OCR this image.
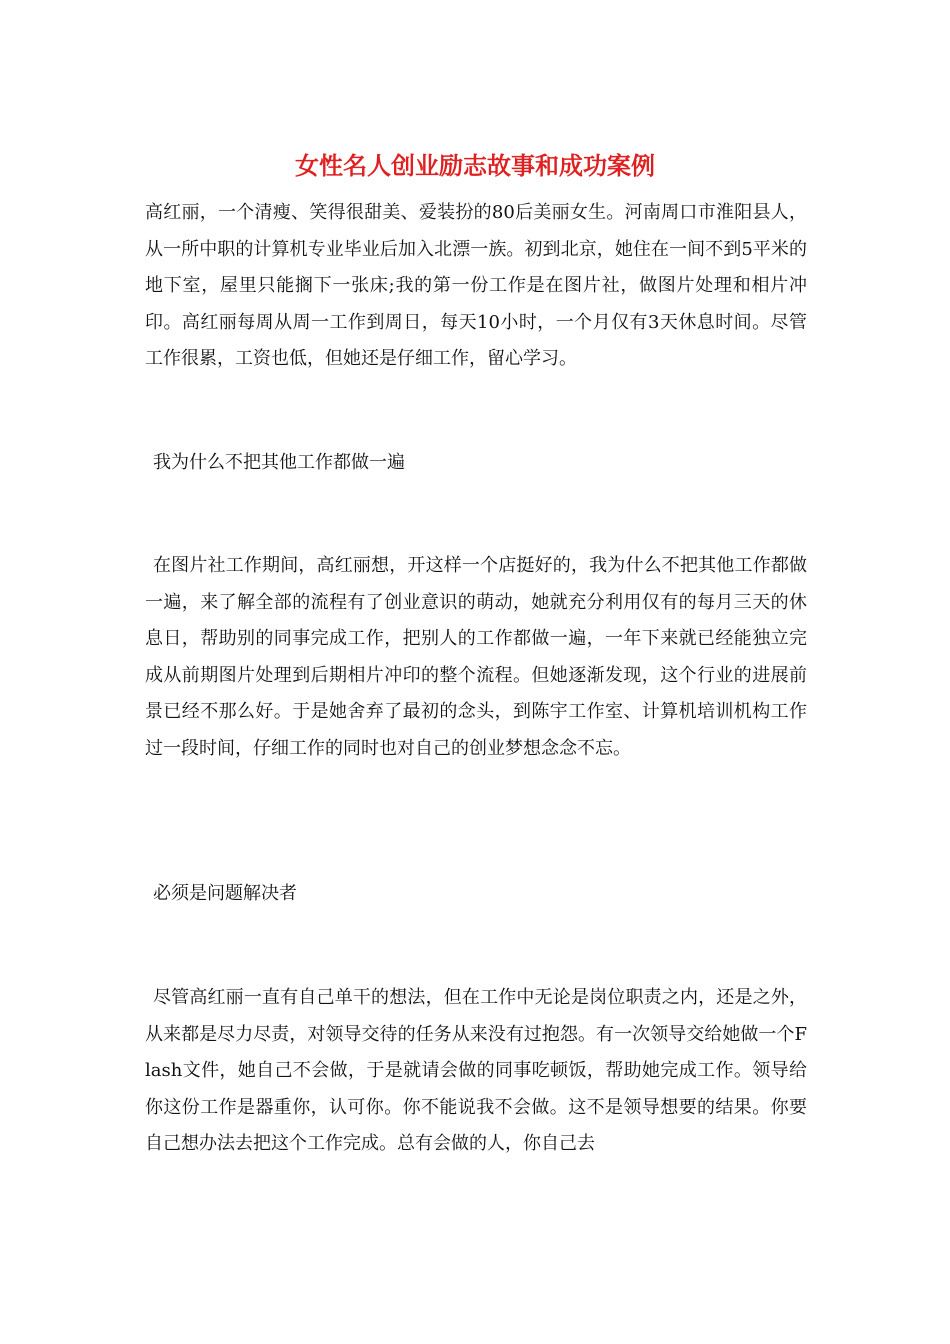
女性名人创业励志故事和成功案例

高红丽，一个清瘦、笑得很甜美、爱装扮的80后美丽女生。河南周口市淮阳县人，从一所中职的计算机专业毕业后加入北漂一族。初到北京，她住在一间不到5平米的地下室，屋里只能搁下一张床;我的第一份工作是在图片社，做图片处理和相片冲印。高红丽每周从周一工作到周日，每天10小时，一个月仅有3天休息时间。尽管工作很累，工资也低，但她还是仔细工作，留心学习。

我为什么不把其他工作都做一遍

在图片社工作期间，高红丽想，开这样一个店挺好的，我为什么不把其他工作都做一遍，来了解全部的流程有了创业意识的萌动，她就充分利用仅有的每月三天的休息日，帮助别的同事完成工作，把别人的工作都做一遍，一年下来就已经能独立完成从前期图片处理到后期相片冲印的整个流程。但她逐渐发现，这个行业的进展前景已经不那么好。于是她舍弃了最初的念头，到陈宇工作室、计算机培训机构工作过一段时间，仔细工作的同时也对自己的创业梦想念念不忘。

必须是问题解决者

尽管高红丽一直有自己单干的想法，但在工作中无论是岗位职责之内，还是之外，从来都是尽力尽责，对领导交待的任务从来没有过抱怨。有一次领导交给她做一个Flash文件，她自己不会做，于是就请会做的同事吃顿饭，帮助她完成工作。领导给你这份工作是器重你，认可你。你不能说我不会做。这不是领导想要的结果。你要自己想办法去把这个工作完成。总有会做的人，你自己去
